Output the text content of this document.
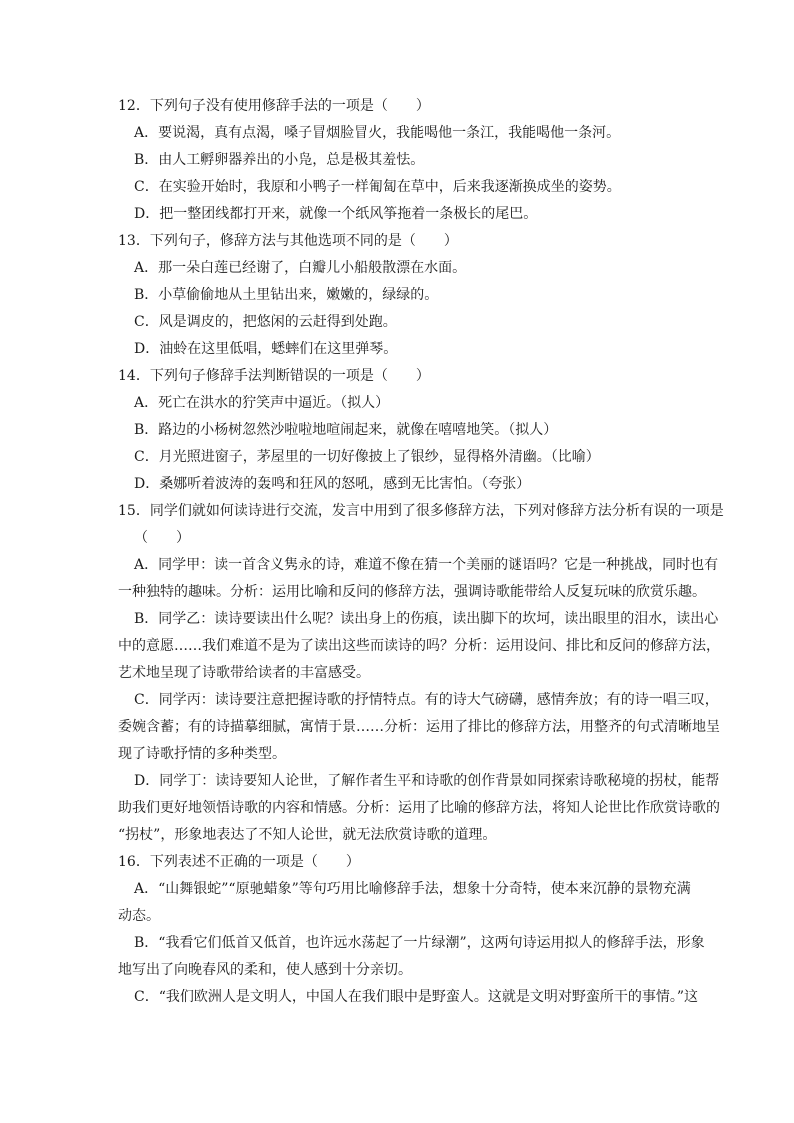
12．下列句子没有使用修辞手法的一项是（　　）
A．要说渴，真有点渴，嗓子冒烟脸冒火，我能喝他一条江，我能喝他一条河。
B．由人工孵卵器养出的小凫，总是极其羞怯。
C．在实验开始时，我原和小鸭子一样匍匐在草中，后来我逐渐换成坐的姿势。
D．把一整团线都打开来，就像一个纸风筝拖着一条极长的尾巴。
13．下列句子，修辞方法与其他选项不同的是（　　）
A．那一朵白莲已经谢了，白瓣儿小船般散漂在水面。
B．小草偷偷地从土里钻出来，嫩嫩的，绿绿的。
C．风是调皮的，把悠闲的云赶得到处跑。
D．油蛉在这里低唱，蟋蟀们在这里弹琴。
14．下列句子修辞手法判断错误的一项是（　　）
A．死亡在洪水的狞笑声中逼近。（拟人）
B．路边的小杨树忽然沙啦啦地喧闹起来，就像在嘻嘻地笑。（拟人）
C．月光照进窗子，茅屋里的一切好像披上了银纱，显得格外清幽。（比喻）
D．桑娜听着波涛的轰鸣和狂风的怒吼，感到无比害怕。（夸张）
15．同学们就如何读诗进行交流，发言中用到了很多修辞方法，下列对修辞方法分析有误的一项是
（　　）
A．同学甲：读一首含义隽永的诗，难道不像在猜一个美丽的谜语吗？它是一种挑战，同时也有
一种独特的趣味。分析：运用比喻和反问的修辞方法，强调诗歌能带给人反复玩味的欣赏乐趣。
B．同学乙：读诗要读出什么呢？读出身上的伤痕，读出脚下的坎坷，读出眼里的泪水，读出心
中的意愿……我们难道不是为了读出这些而读诗的吗？分析：运用设问、排比和反问的修辞方法，
艺术地呈现了诗歌带给读者的丰富感受。
C．同学丙：读诗要注意把握诗歌的抒情特点。有的诗大气磅礴，感情奔放；有的诗一唱三叹，
委婉含蓄；有的诗描摹细腻，寓情于景……分析：运用了排比的修辞方法，用整齐的句式清晰地呈
现了诗歌抒情的多种类型。
D．同学丁：读诗要知人论世，了解作者生平和诗歌的创作背景如同探索诗歌秘境的拐杖，能帮
助我们更好地领悟诗歌的内容和情感。分析：运用了比喻的修辞方法，将知人论世比作欣赏诗歌的
“拐杖”，形象地表达了不知人论世，就无法欣赏诗歌的道理。
16．下列表述不正确的一项是（　　）
A．“山舞银蛇”“原驰蜡象”等句巧用比喻修辞手法，想象十分奇特，使本来沉静的景物充满
动态。
B．“我看它们低首又低首，也许远水荡起了一片绿潮”，这两句诗运用拟人的修辞手法，形象
地写出了向晚春风的柔和，使人感到十分亲切。
C．“我们欧洲人是文明人，中国人在我们眼中是野蛮人。这就是文明对野蛮所干的事情。”这
